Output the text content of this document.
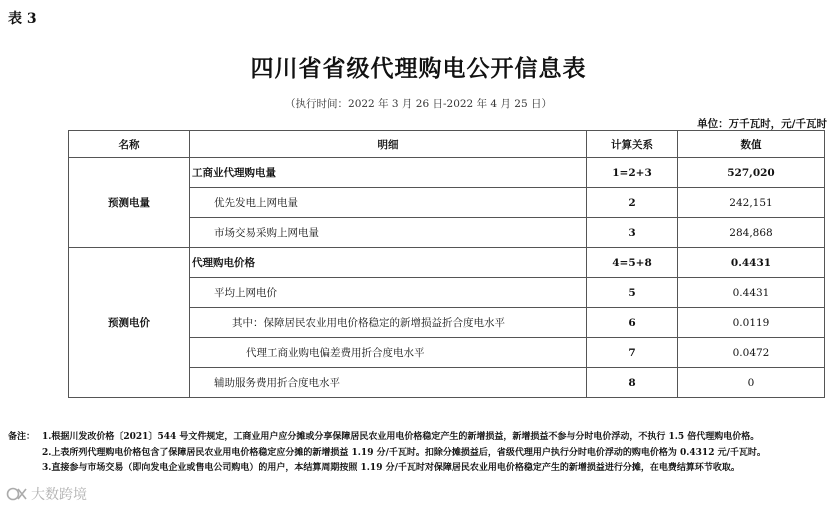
表 3
四川省省级代理购电公开信息表
（执行时间：2022 年 3 月 26 日-2022 年 4 月 25 日）
单位：万千瓦时，元/千瓦时
名称	明细	计算关系	数值
预测电量	工商业代理购电量	1=2+3	527,020
	优先发电上网电量	2	242,151
	市场交易采购上网电量	3	284,868
预测电价	代理购电价格	4=5+8	0.4431
	平均上网电价	5	0.4431
	其中：保障居民农业用电价格稳定的新增损益折合度电水平	6	0.0119
	代理工商业购电偏差费用折合度电水平	7	0.0472
	辅助服务费用折合度电水平	8	0
备注： 1.根据川发改价格〔2021〕544 号文件规定，工商业用户应分摊或分享保障居民农业用电价格稳定产生的新增损益，新增损益不参与分时电价浮动，不执行 1.5 倍代理购电价格。
2.上表所列代理购电价格包含了保障居民农业用电价格稳定应分摊的新增损益 1.19 分/千瓦时。扣除分摊损益后，省级代理用户执行分时电价浮动的购电价格为 0.4312 元/千瓦时。
3.直接参与市场交易（即向发电企业或售电公司购电）的用户，本结算周期按照 1.19 分/千瓦时对保障居民农业用电价格稳定产生的新增损益进行分摊，在电费结算环节收取。
大数跨境
